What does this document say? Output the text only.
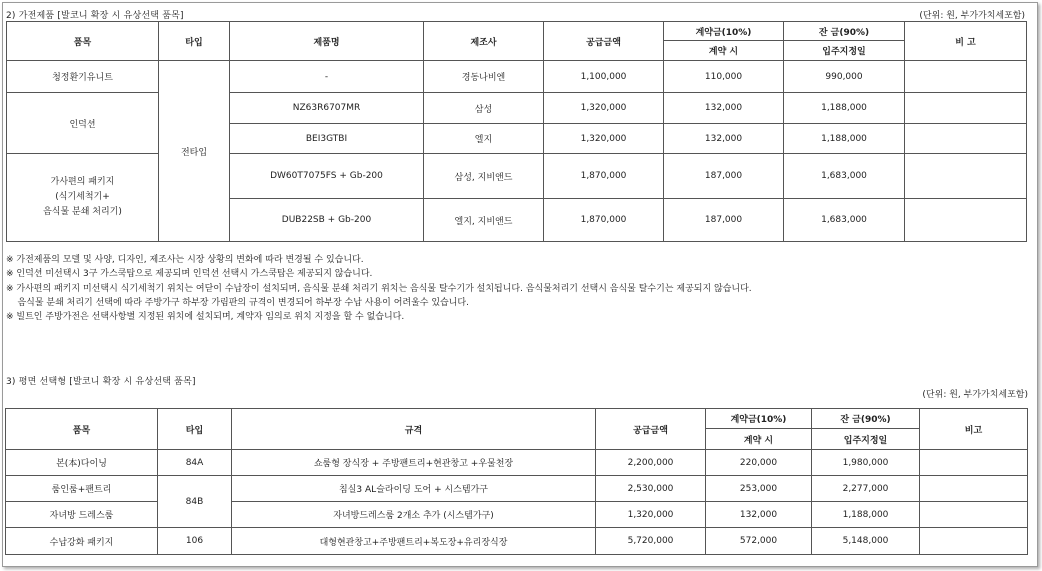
2) 가전제품 [발코니 확장 시 유상선택 품목]	(단위: 원, 부가가치세포함)
품목	타입	제품명	제조사	공급금액	계약금(10%)	잔 금(90%)	비 고
					계약 시	입주지정일	
청정환기유니트	전타입	-	경동나비엔	1,100,000	110,000	990,000	
인덕션		NZ63R6707MR	삼성	1,320,000	132,000	1,188,000	
		BEI3GTBI	엘지	1,320,000	132,000	1,188,000	

가사편의 패키지
(식기세척기+
음식물 분쇄 처리기)		DW60T7075FS + Gb-200	삼성, 지비앤드	1,870,000	187,000	1,683,000	
		DUB22SB + Gb-200	엘지, 지비앤드	1,870,000	187,000	1,683,000	
※ 가전제품의 모델 및 사양, 디자인, 제조사는 시장 상황의 변화에 따라 변경될 수 있습니다.
※ 인덕션 미선택시 3구 가스쿡탑으로 제공되며 인덕션 선택시 가스쿡탑은 제공되지 않습니다.
※ 가사편의 패키지 미선택시 식기세척기 위치는 여닫이 수납장이 설치되며, 음식물 분쇄 처리기 위치는 음식물 탈수기가 설치됩니다. 음식물처리기 선택시 음식물 탈수기는 제공되지 않습니다.
음식물 분쇄 처리기 선택에 따라 주방가구 하부장 가림판의 규격이 변경되어 하부장 수납 사용이 어려울수 있습니다.
※ 빌트인 주방가전은 선택사항별 지정된 위치에 설치되며, 계약자 임의로 위치 지정을 할 수 없습니다.
3) 평면 선택형 [발코니 확장 시 유상선택 품목]
(단위: 원, 부가가치세포함)
품목	타입	규격	공급금액	계약금(10%)	잔 금(90%)	비고
				계약 시	입주지정일	
본(本)다이닝	84A	쇼룸형 장식장 + 주방팬트리+현관창고 +우물천장	2,200,000	220,000	1,980,000	
룸인룸+팬트리	84B	침실3 AL슬라이딩 도어 + 시스템가구	2,530,000	253,000	2,277,000	
자녀방 드레스룸		자녀방드레스룸 2개소 추가 (시스템가구)	1,320,000	132,000	1,188,000	
수납강화 패키지	106	대형현관창고+주방팬트리+복도장+유리장식장	5,720,000	572,000	5,148,000	
